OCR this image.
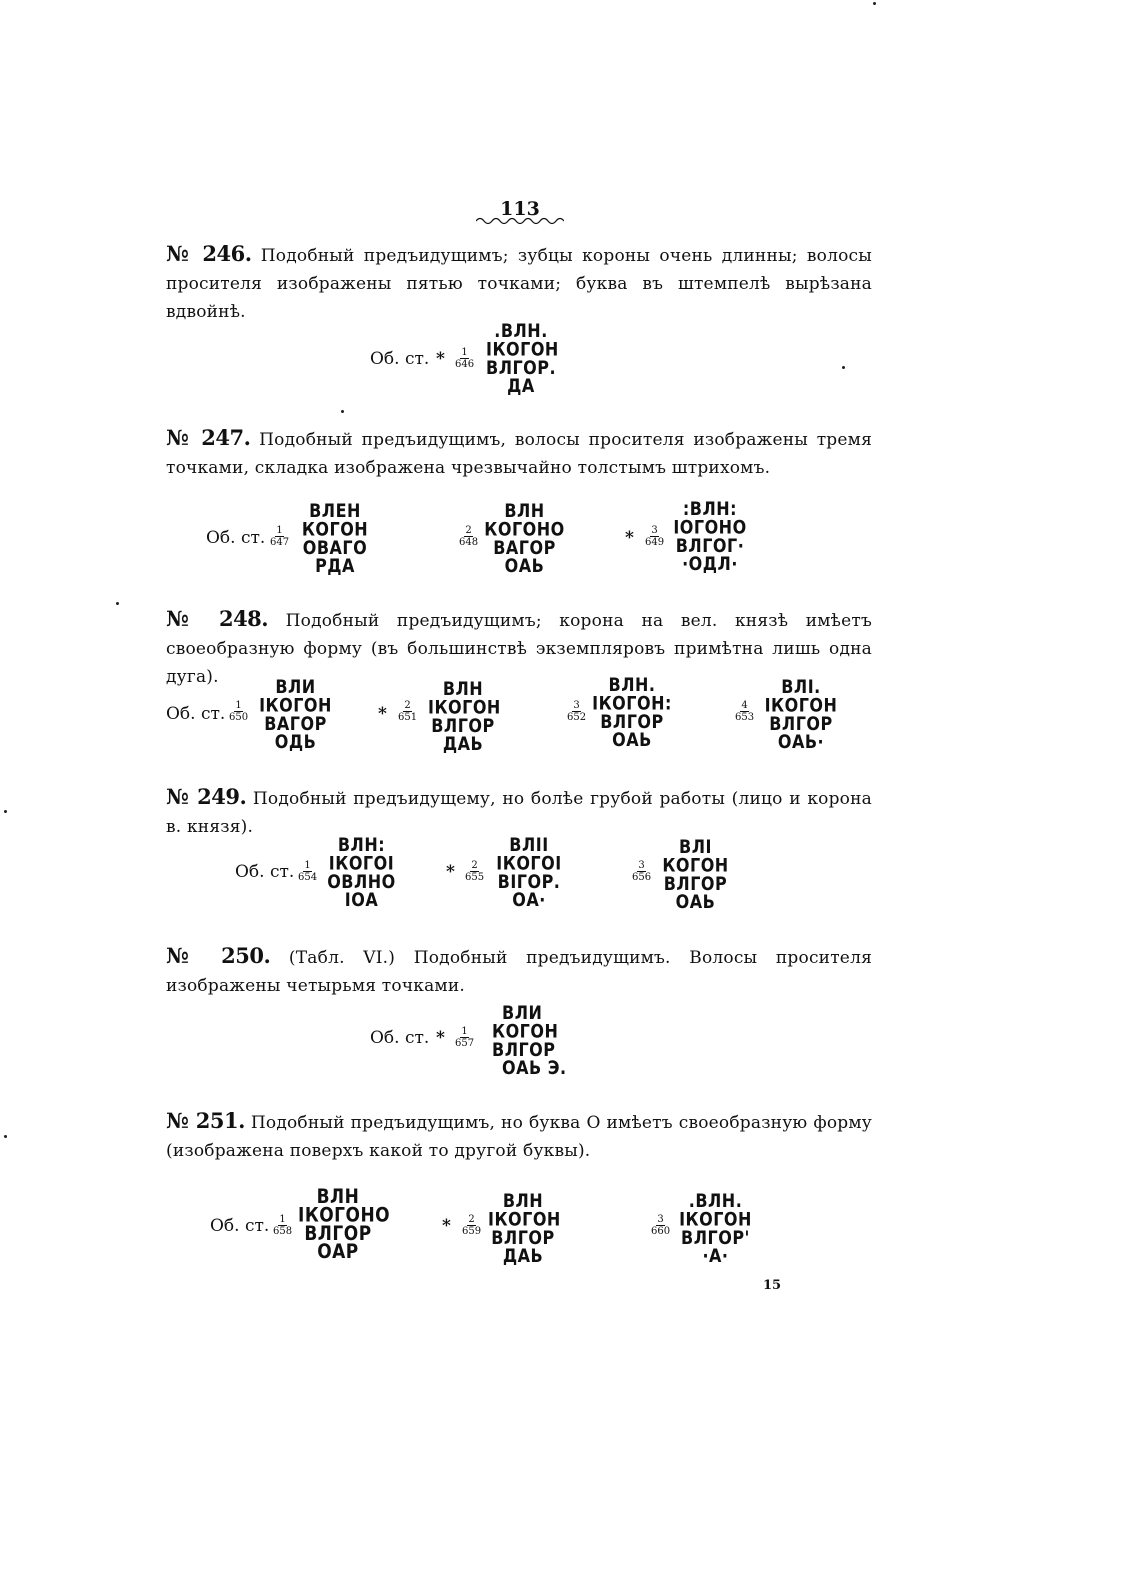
113
№ 246. Подобный предъидущимъ; зубцы короны очень длинны; волосы просителя изображены пятью точками; буква въ штемпелѣ вырѣзана вдвойнѣ.
Об. ст. * $\frac{1}{646}$
.ВЛН.
ІКОГОН
ВЛГОР.
ДА
№ 247. Подобный предъидущимъ, волосы просителя изображены тремя точками, складка изображена чрезвычайно толстымъ штрихомъ.
Об. ст. $\frac{1}{647}$
ВЛЕН
КОГОН
ОВАГО
РДА
$\frac{2}{648}$
ВЛН
КОГОНО
ВАГОР
ОАЬ
* $\frac{3}{649}$
:ВЛН:
ІОГОНО
ВЛГОГ·
·ОДЛ·
№ 248. Подобный предъидущимъ; корона на вел. князѣ имѣетъ своеобразную форму (въ большинствѣ экземпляровъ примѣтна лишь одна дуга).
Об. ст. $\frac{1}{650}$
ВЛИ
ІКОГОН
ВАГОР
ОДЬ
* $\frac{2}{651}$
ВЛН
ІКОГОН
ВЛГОР
ДАЬ
$\frac{3}{652}$
ВЛН.
ІКОГОН:
ВЛГОР
ОАЬ
$\frac{4}{653}$
ВЛІ.
ІКОГОН
ВЛГОР
ОАЬ·
№ 249. Подобный предъидущему, но болѣе грубой работы (лицо и корона в. князя).
Об. ст. $\frac{1}{654}$
ВЛН:
ІКОГОІ
ОВЛНО
ІОА
* $\frac{2}{655}$
ВЛІІ
ІКОГОІ
ВІГОР.
ОА·
$\frac{3}{656}$
ВЛІ
КОГОН
ВЛГОР
ОАЬ
№ 250. (Табл. VI.) Подобный предъидущимъ. Волосы просителя изображены четырьмя точками.
Об. ст. * $\frac{1}{657}$
ВЛИ
КОГОН
ВЛГОР
ОАЬ Э.
№ 251. Подобный предъидущимъ, но буква О имѣетъ своеобразную форму (изображена поверхъ какой то другой буквы).
Об. ст. $\frac{1}{658}$
ВЛН
ІКОГОНО
ВЛГОР
ОАР
* $\frac{2}{659}$
ВЛН
ІКОГОН
ВЛГОР
ДАЬ
$\frac{3}{660}$
.ВЛН.
ІКОГОН
ВЛГОР'
·А·
15
